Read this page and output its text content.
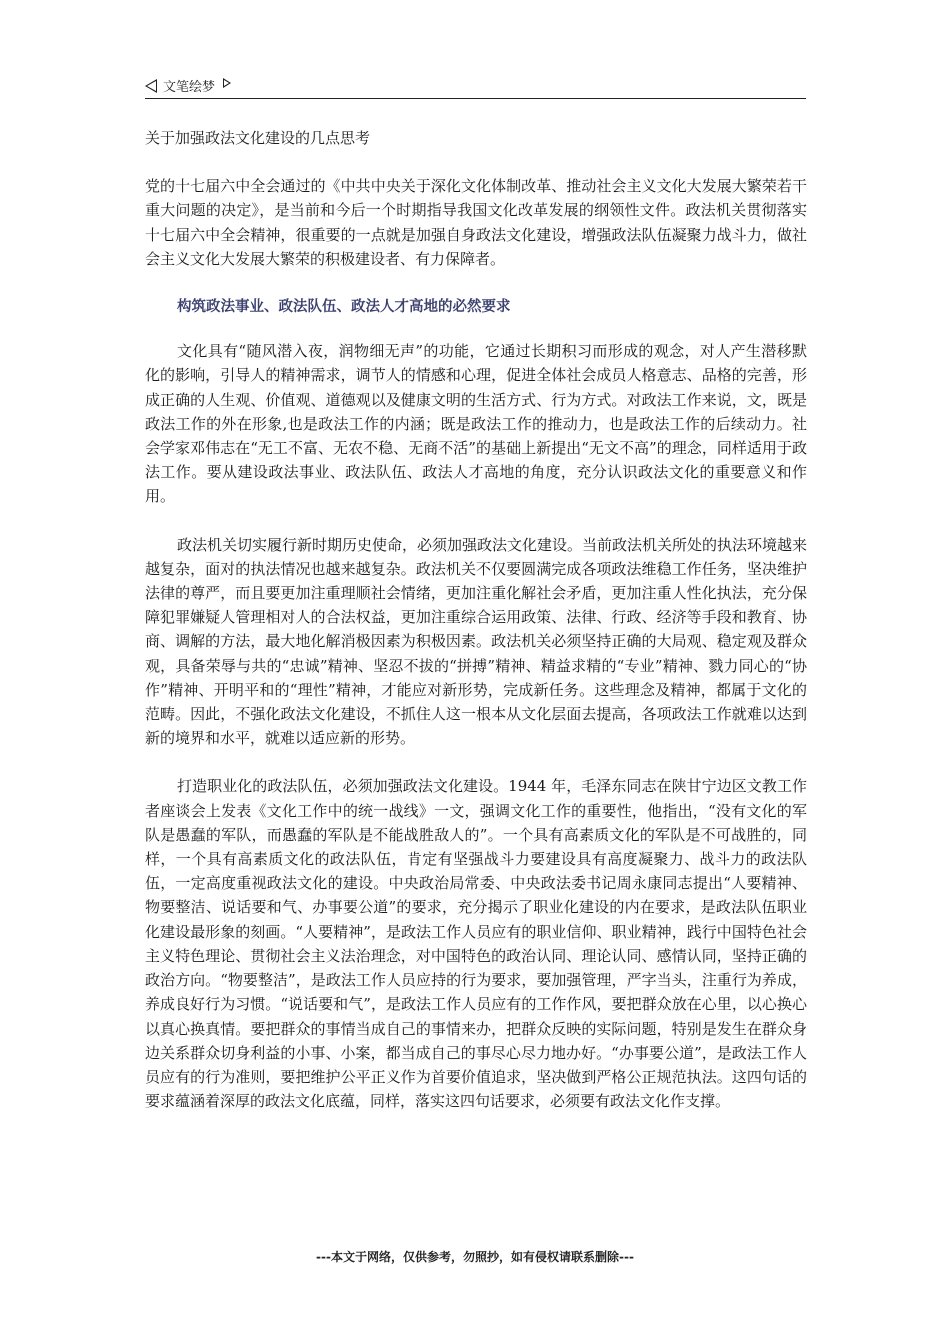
文笔绘梦
关于加强政法文化建设的几点思考

党的十七届六中全会通过的《中共中央关于深化文化体制改革、推动社会主义文化大发展大繁荣若干重大问题的决定》，是当前和今后一个时期指导我国文化改革发展的纲领性文件。政法机关贯彻落实十七届六中全会精神，很重要的一点就是加强自身政法文化建设，增强政法队伍凝聚力战斗力，做社会主义文化大发展大繁荣的积极建设者、有力保障者。

构筑政法事业、政法队伍、政法人才高地的必然要求

文化具有“随风潜入夜，润物细无声”的功能，它通过长期积习而形成的观念，对人产生潜移默化的影响，引导人的精神需求，调节人的情感和心理，促进全体社会成员人格意志、品格的完善，形成正确的人生观、价值观、道德观以及健康文明的生活方式、行为方式。对政法工作来说，文，既是政法工作的外在形象,也是政法工作的内涵；既是政法工作的推动力，也是政法工作的后续动力。社会学家邓伟志在“无工不富、无农不稳、无商不活”的基础上新提出“无文不高”的理念，同样适用于政法工作。要从建设政法事业、政法队伍、政法人才高地的角度，充分认识政法文化的重要意义和作用。

政法机关切实履行新时期历史使命，必须加强政法文化建设。当前政法机关所处的执法环境越来越复杂，面对的执法情况也越来越复杂。政法机关不仅要圆满完成各项政法维稳工作任务，坚决维护法律的尊严，而且要更加注重理顺社会情绪，更加注重化解社会矛盾，更加注重人性化执法，充分保障犯罪嫌疑人管理相对人的合法权益，更加注重综合运用政策、法律、行政、经济等手段和教育、协商、调解的方法，最大地化解消极因素为积极因素。政法机关必须坚持正确的大局观、稳定观及群众观，具备荣辱与共的“忠诚”精神、坚忍不拔的“拼搏”精神、精益求精的“专业”精神、戮力同心的“协作”精神、开明平和的“理性”精神，才能应对新形势，完成新任务。这些理念及精神，都属于文化的范畴。因此，不强化政法文化建设，不抓住人这一根本从文化层面去提高，各项政法工作就难以达到新的境界和水平，就难以适应新的形势。

打造职业化的政法队伍，必须加强政法文化建设。1944 年，毛泽东同志在陕甘宁边区文教工作者座谈会上发表《文化工作中的统一战线》一文，强调文化工作的重要性，他指出，“没有文化的军队是愚蠢的军队，而愚蠢的军队是不能战胜敌人的”。一个具有高素质文化的军队是不可战胜的，同样，一个具有高素质文化的政法队伍，肯定有坚强战斗力要建设具有高度凝聚力、战斗力的政法队伍，一定高度重视政法文化的建设。中央政治局常委、中央政法委书记周永康同志提出“人要精神、物要整洁、说话要和气、办事要公道”的要求，充分揭示了职业化建设的内在要求，是政法队伍职业化建设最形象的刻画。“人要精神”，是政法工作人员应有的职业信仰、职业精神，践行中国特色社会主义特色理论、贯彻社会主义法治理念，对中国特色的政治认同、理论认同、感情认同，坚持正确的政治方向。“物要整洁”，是政法工作人员应持的行为要求，要加强管理，严字当头，注重行为养成，养成良好行为习惯。“说话要和气”，是政法工作人员应有的工作作风，要把群众放在心里，以心换心以真心换真情。要把群众的事情当成自己的事情来办，把群众反映的实际问题，特别是发生在群众身边关系群众切身利益的小事、小案，都当成自己的事尽心尽力地办好。“办事要公道”，是政法工作人员应有的行为准则，要把维护公平正义作为首要价值追求，坚决做到严格公正规范执法。这四句话的要求蕴涵着深厚的政法文化底蕴，同样，落实这四句话要求，必须要有政法文化作支撑。

---本文于网络，仅供参考，勿照抄，如有侵权请联系删除---
